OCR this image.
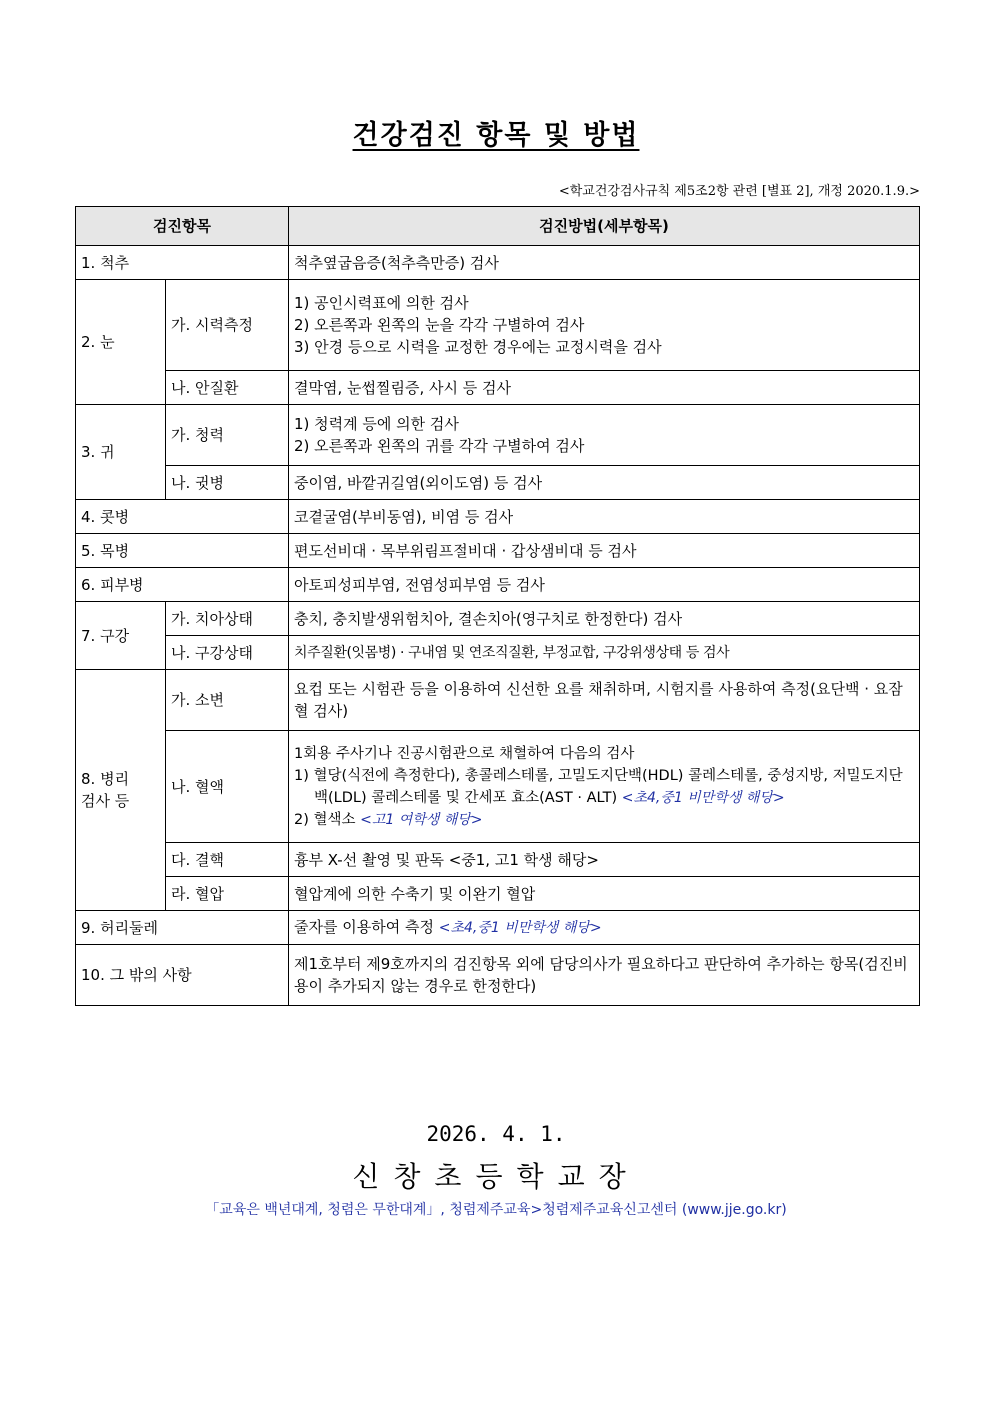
건강검진 항목 및 방법
<학교건강검사규칙 제5조2항 관련 [별표 2], 개정 2020.1.9.>
검진항목		검진방법(세부항목)
1. 척추		척추옆굽음증(척추측만증) 검사
2. 눈	가. 시력측정	1) 공인시력표에 의한 검사
2) 오른쪽과 왼쪽의 눈을 각각 구별하여 검사
3) 안경 등으로 시력을 교정한 경우에는 교정시력을 검사

	나. 안질환	결막염, 눈썹찔림증, 사시 등 검사
3. 귀	가. 청력	1) 청력계 등에 의한 검사
2) 오른쪽과 왼쪽의 귀를 각각 구별하여 검사

	나. 귓병	중이염, 바깥귀길염(외이도염) 등 검사
4. 콧병		코곁굴염(부비동염), 비염 등 검사
5. 목병		편도선비대 · 목부위림프절비대 · 갑상샘비대 등 검사
6. 피부병		아토피성피부염, 전염성피부염 등 검사
7. 구강	가. 치아상태	충치, 충치발생위험치아, 결손치아(영구치로 한정한다) 검사
	나. 구강상태	치주질환(잇몸병) · 구내염 및 연조직질환, 부정교합, 구강위생상태 등 검사

8. 병리
검사 등	가. 소변	요컵 또는 시험관 등을 이용하여 신선한 요를 채취하며, 시험지를 사용하여 측정(요단백 · 요잠혈 검사)
	나. 혈액	1회용 주사기나 진공시험관으로 채혈하여 다음의 검사
1) 혈당(식전에 측정한다), 총콜레스테롤, 고밀도지단백(HDL) 콜레스테롤, 중성지방, 저밀도지단백(LDL) 콜레스테롤 및 간세포 효소(AST · ALT) <초4,중1 비만학생 해당>
2) 혈색소 <고1 여학생 해당>

	다. 결핵	흉부 X-선 촬영 및 판독 <중1, 고1 학생 해당>
	라. 혈압	혈압계에 의한 수축기 및 이완기 혈압
9. 허리둘레		줄자를 이용하여 측정 <초4,중1 비만학생 해당>
10. 그 밖의 사항		제1호부터 제9호까지의 검진항목 외에 담당의사가 필요하다고 판단하여 추가하는 항목(검진비용이 추가되지 않는 경우로 한정한다)
2026. 4. 1.
신창초등학교장
「교육은 백년대계, 청렴은 무한대계」, 청렴제주교육>청렴제주교육신고센터 (www.jje.go.kr)
